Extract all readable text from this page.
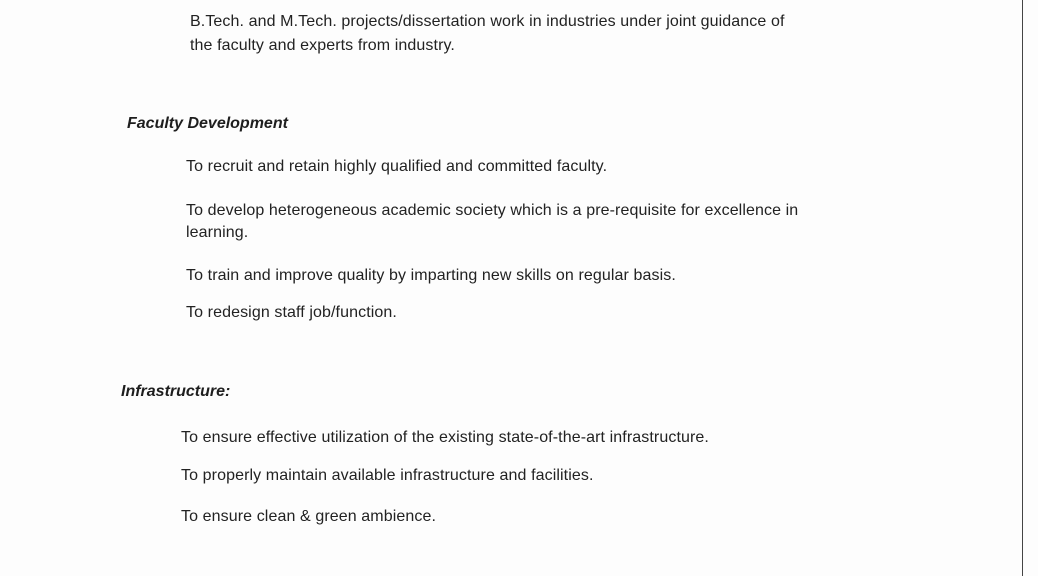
B.Tech. and M.Tech. projects/dissertation work in industries under joint guidance of
the faculty and experts from industry.
Faculty Development
To recruit and retain highly qualified and committed faculty.
To develop heterogeneous academic society which is a pre-requisite for excellence in
learning.
To train and improve quality by imparting new skills on regular basis.
To redesign staff job/function.
Infrastructure:
To ensure effective utilization of the existing state-of-the-art infrastructure.
To properly maintain available infrastructure and facilities.
To ensure clean & green ambience.
